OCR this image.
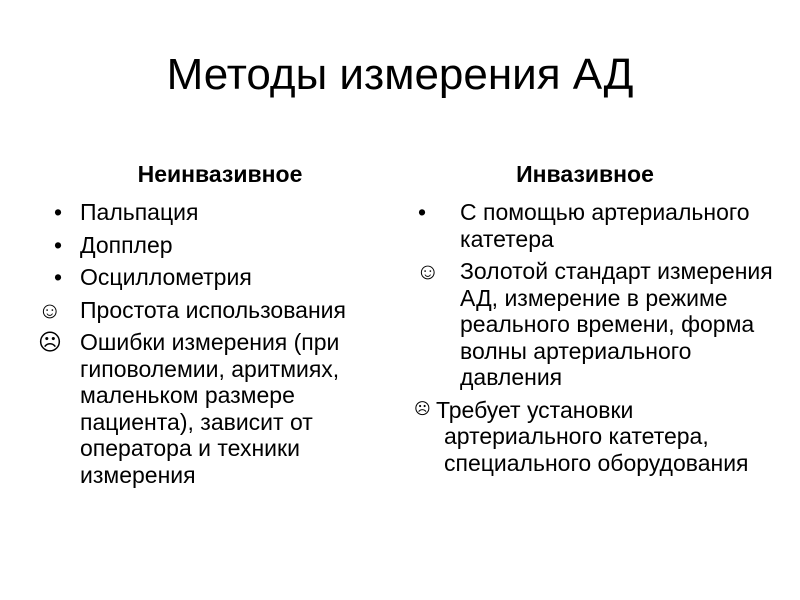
Методы измерения АД
Неинвазивное	Инвазивное
• Пальпация
• Допплер
• Осциллометрия
☺ Простота использования
☹ Ошибки измерения (при гиповолемии, аритмиях, маленьком размере пациента), зависит от оператора и техники измерения
• С помощью артериального катетера
☺ Золотой стандарт измерения АД, измерение в режиме реального времени, форма волны артериального давления
☹ Требует установки артериального катетера, специального оборудования
